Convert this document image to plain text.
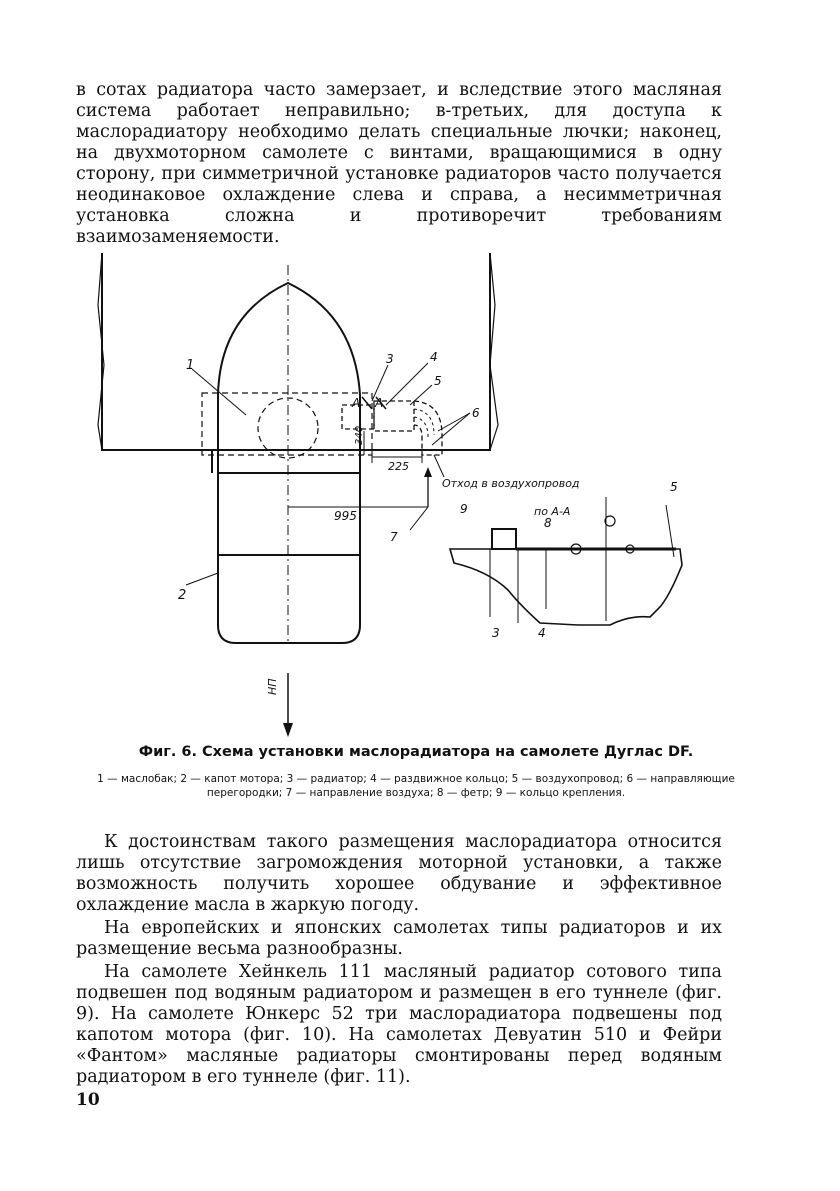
в сотах радиатора часто замерзает, и вследствие этого масляная система работает неправильно; в-третьих, для доступа к маслорадиатору необходимо делать специальные лючки; наконец, на двухмоторном самолете с винтами, вращающимися в одну сторону, при симметричной установке радиаторов часто получается неодинаковое охлаждение слева и справа, а несимметричная установка сложна и противоречит требованиям взаимозаменяемости.

А А
340
225
995
Отход в воздухопровод
по А-А
1
2
3	4
5
6
7
8
9
3	4
5
НП
Фиг. 6. Схема установки маслорадиатора на самолете Дуглас DF.
1 — маслобак; 2 — капот мотора; 3 — радиатор; 4 — раздвижное кольцо; 5 — воздухопровод; 6 — направляющие перегородки; 7 — направление воздуха; 8 — фетр; 9 — кольцо крепления.

К достоинствам такого размещения маслорадиатора относится лишь отсутствие загромождения моторной установки, а также возможность получить хорошее обдувание и эффективное охлаждение масла в жаркую погоду.

На европейских и японских самолетах типы радиаторов и их размещение весьма разнообразны.

На самолете Хейнкель 111 масляный радиатор сотового типа подвешен под водяным радиатором и размещен в его туннеле (фиг. 9). На самолете Юнкерс 52 три маслорадиатора подвешены под капотом мотора (фиг. 10). На самолетах Девуатин 510 и Фейри «Фантом» масляные радиаторы смонтированы перед водяным радиатором в его туннеле (фиг. 11).

10
